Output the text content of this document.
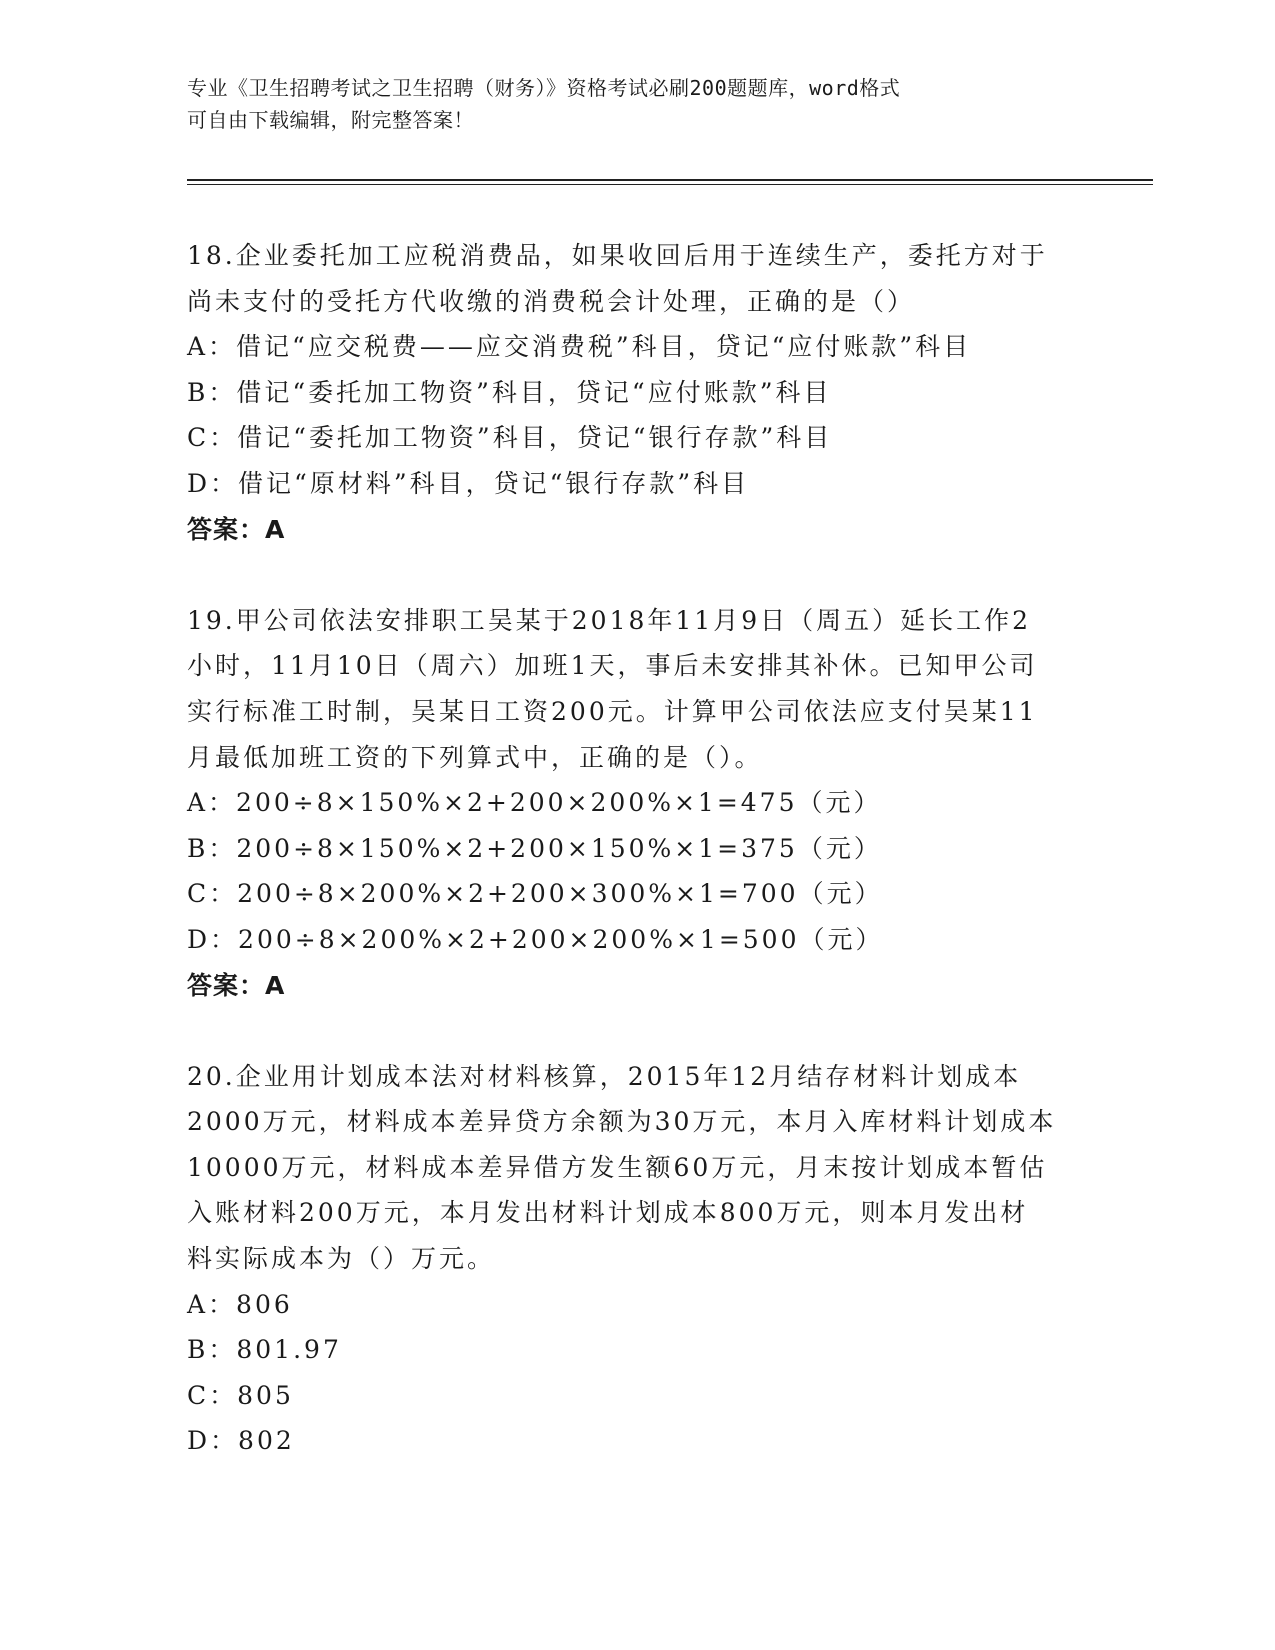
专业《卫生招聘考试之卫生招聘（财务）》资格考试必刷200题题库，word格式
可自由下载编辑，附完整答案！
18.企业委托加工应税消费品，如果收回后用于连续生产，委托方对于
尚未支付的受托方代收缴的消费税会计处理，正确的是（）
A：借记“应交税费——应交消费税”科目，贷记“应付账款”科目
B：借记“委托加工物资”科目，贷记“应付账款”科目
C：借记“委托加工物资”科目，贷记“银行存款”科目
D：借记“原材料”科目，贷记“银行存款”科目
答案：A
19.甲公司依法安排职工吴某于2018年11月9日（周五）延长工作2
小时，11月10日（周六）加班1天，事后未安排其补休。已知甲公司
实行标准工时制，吴某日工资200元。计算甲公司依法应支付吴某11
月最低加班工资的下列算式中，正确的是（）。
A：200÷8×150%×2+200×200%×1=475（元）
B：200÷8×150%×2+200×150%×1=375（元）
C：200÷8×200%×2+200×300%×1=700（元）
D：200÷8×200%×2+200×200%×1=500（元）
答案：A
20.企业用计划成本法对材料核算，2015年12月结存材料计划成本
2000万元，材料成本差异贷方余额为30万元，本月入库材料计划成本
10000万元，材料成本差异借方发生额60万元，月末按计划成本暂估
入账材料200万元，本月发出材料计划成本800万元，则本月发出材
料实际成本为（）万元。
A：806
B：801.97
C：805
D：802
